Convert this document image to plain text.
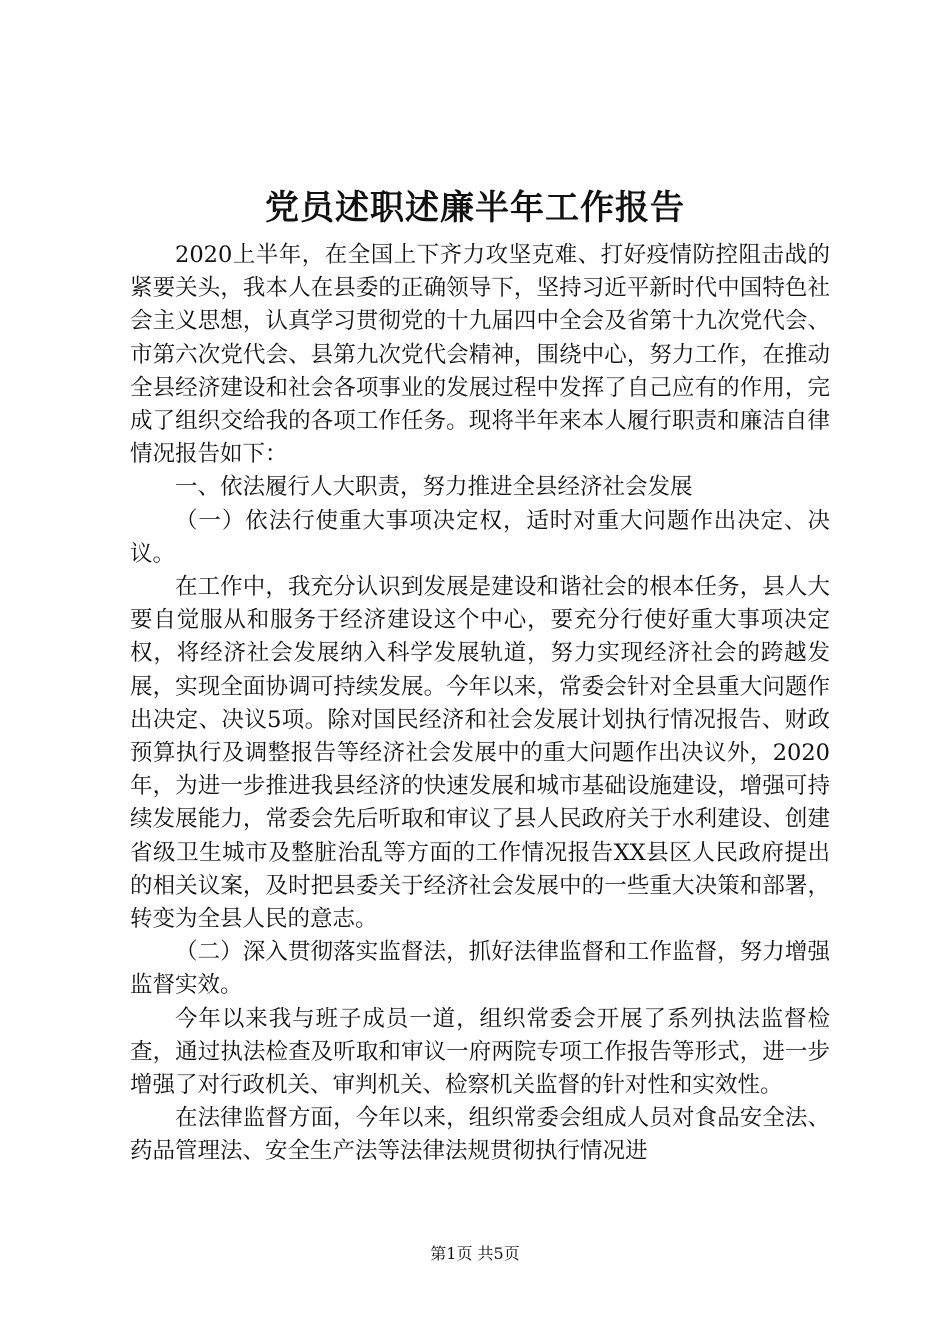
党员述职述廉半年工作报告

2020上半年，在全国上下齐力攻坚克难、打好疫情防控阻击战的紧要关头，我本人在县委的正确领导下，坚持习近平新时代中国特色社会主义思想，认真学习贯彻党的十九届四中全会及省第十九次党代会、市第六次党代会、县第九次党代会精神，围绕中心，努力工作，在推动全县经济建设和社会各项事业的发展过程中发挥了自己应有的作用，完成了组织交给我的各项工作任务。现将半年来本人履行职责和廉洁自律情况报告如下：

一、依法履行人大职责，努力推进全县经济社会发展

（一）依法行使重大事项决定权，适时对重大问题作出决定、决议。

在工作中，我充分认识到发展是建设和谐社会的根本任务，县人大要自觉服从和服务于经济建设这个中心，要充分行使好重大事项决定权，将经济社会发展纳入科学发展轨道，努力实现经济社会的跨越发展，实现全面协调可持续发展。今年以来，常委会针对全县重大问题作出决定、决议5项。除对国民经济和社会发展计划执行情况报告、财政预算执行及调整报告等经济社会发展中的重大问题作出决议外，2020年，为进一步推进我县经济的快速发展和城市基础设施建设，增强可持续发展能力，常委会先后听取和审议了县人民政府关于水利建设、创建省级卫生城市及整脏治乱等方面的工作情况报告XX县区人民政府提出的相关议案，及时把县委关于经济社会发展中的一些重大决策和部署，转变为全县人民的意志。

（二）深入贯彻落实监督法，抓好法律监督和工作监督，努力增强监督实效。

今年以来我与班子成员一道，组织常委会开展了系列执法监督检查，通过执法检查及听取和审议一府两院专项工作报告等形式，进一步增强了对行政机关、审判机关、检察机关监督的针对性和实效性。

在法律监督方面，今年以来，组织常委会组成人员对食品安全法、药品管理法、安全生产法等法律法规贯彻执行情况进

第1页 共5页
